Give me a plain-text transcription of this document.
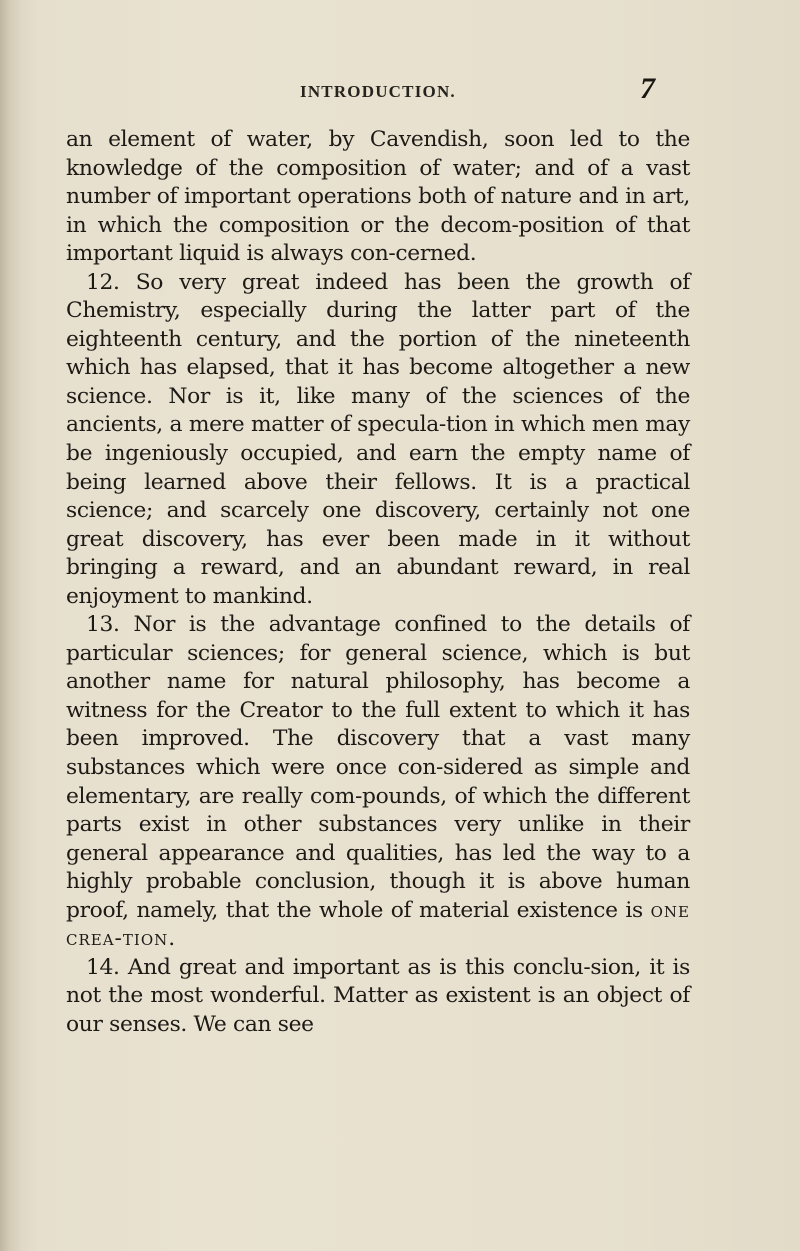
INTRODUCTION.	7

an element of water, by Cavendish, soon led to the knowledge of the composition of water; and of a vast number of important operations both of nature and in art, in which the composition or the decom-position of that important liquid is always con-cerned.

12. So very great indeed has been the growth of Chemistry, especially during the latter part of the eighteenth century, and the portion of the nineteenth which has elapsed, that it has become altogether a new science. Nor is it, like many of the sciences of the ancients, a mere matter of specula-tion in which men may be ingeniously occupied, and earn the empty name of being learned above their fellows. It is a practical science; and scarcely one discovery, certainly not one great discovery, has ever been made in it without bringing a reward, and an abundant reward, in real enjoyment to mankind.

13. Nor is the advantage confined to the details of particular sciences; for general science, which is but another name for natural philosophy, has become a witness for the Creator to the full extent to which it has been improved. The discovery that a vast many substances which were once con-sidered as simple and elementary, are really com-pounds, of which the different parts exist in other substances very unlike in their general appearance and qualities, has led the way to a highly probable conclusion, though it is above human proof, namely, that the whole of material existence is one crea-tion.

14. And great and important as is this conclu-sion, it is not the most wonderful. Matter as existent is an object of our senses. We can see
